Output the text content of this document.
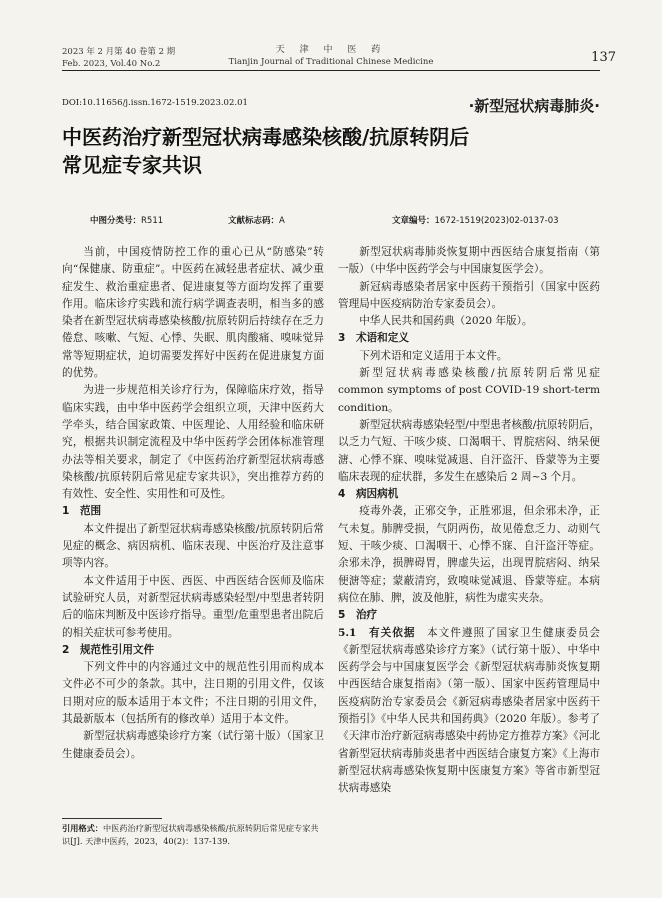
2023 年 2 月第 40 卷第 2 期
Feb. 2023, Vol.40 No.2
天 津 中 医 药
Tianjin Journal of Traditional Chinese Medicine	137
DOI:10.11656/j.issn.1672-1519.2023.02.01	·新型冠状病毒肺炎·
中医药治疗新型冠状病毒感染核酸/抗原转阴后
常见症专家共识
中图分类号：R511	文献标志码：A	文章编号：1672-1519(2023)02-0137-03

当前，中国疫情防控工作的重心已从“防感染”转向“保健康、防重症”。中医药在减轻患者症状、减少重症发生、救治重症患者、促进康复等方面均发挥了重要作用。临床诊疗实践和流行病学调查表明，相当多的感染者在新型冠状病毒感染核酸/抗原转阴后持续存在乏力倦怠、咳嗽、气短、心悸、失眠、肌肉酸痛、嗅味觉异常等短期症状，迫切需要发挥好中医药在促进康复方面的优势。

为进一步规范相关诊疗行为，保障临床疗效，指导临床实践，由中华中医药学会组织立项，天津中医药大学牵头，结合国家政策、中医理论、人用经验和临床研究，根据共识制定流程及中华中医药学会团体标准管理办法等相关要求，制定了《中医药治疗新型冠状病毒感染核酸/抗原转阴后常见症专家共识》，突出推荐方药的有效性、安全性、实用性和可及性。

1　范围

本文件提出了新型冠状病毒感染核酸/抗原转阴后常见症的概念、病因病机、临床表现、中医治疗及注意事项等内容。

本文件适用于中医、西医、中西医结合医师及临床试验研究人员，对新型冠状病毒感染轻型/中型患者转阴后的临床判断及中医诊疗指导。重型/危重型患者出院后的相关症状可参考使用。

2　规范性引用文件

下列文件中的内容通过文中的规范性引用而构成本文件必不可少的条款。其中，注日期的引用文件，仅该日期对应的版本适用于本文件；不注日期的引用文件，其最新版本（包括所有的修改单）适用于本文件。

新型冠状病毒感染诊疗方案（试行第十版）（国家卫生健康委员会）。

新型冠状病毒肺炎恢复期中西医结合康复指南（第一版）（中华中医药学会与中国康复医学会）。

新冠病毒感染者居家中医药干预指引（国家中医药管理局中医疫病防治专家委员会）。

中华人民共和国药典（2020 年版）。

3　术语和定义

下列术语和定义适用于本文件。

新型冠状病毒感染核酸/抗原转阴后常见症 common symptoms of post COVID-19 short-term condition。

新型冠状病毒感染轻型/中型患者核酸/抗原转阴后，以乏力气短、干咳少痰、口渴咽干、胃脘痞闷、纳呆便溏、心悸不寐、嗅味觉减退、自汗盗汗、昏蒙等为主要临床表现的症状群，多发生在感染后 2 周~3 个月。

4　病因病机

疫毒外袭，正邪交争，正胜邪退，但余邪未净，正气未复。肺脾受损，气阴两伤，故见倦怠乏力、动则气短、干咳少痰、口渴咽干、心悸不寐、自汗盗汗等症。余邪未净，损脾碍胃，脾虚失运，出现胃脘痞闷、纳呆便溏等症；蒙蔽清窍，致嗅味觉减退、昏蒙等症。本病病位在肺、脾，波及他脏，病性为虚实夹杂。

5　治疗

5.1　有关依据　 本文件遵照了国家卫生健康委员会《新型冠状病毒感染诊疗方案》（试行第十版）、中华中医药学会与中国康复医学会《新型冠状病毒肺炎恢复期中西医结合康复指南》（第一版）、国家中医药管理局中医疫病防治专家委员会《新冠病毒感染者居家中医药干预指引》《中华人民共和国药典》（2020 年版）。参考了《天津市治疗新冠病毒感染中药协定方推荐方案》《河北省新型冠状病毒肺炎患者中西医结合康复方案》《上海市新型冠状病毒感染恢复期中医康复方案》等省市新型冠状病毒感染

引用格式：中医药治疗新型冠状病毒感染核酸/抗原转阴后常见症专家共识[J]. 天津中医药，2023，40(2)：137-139.
